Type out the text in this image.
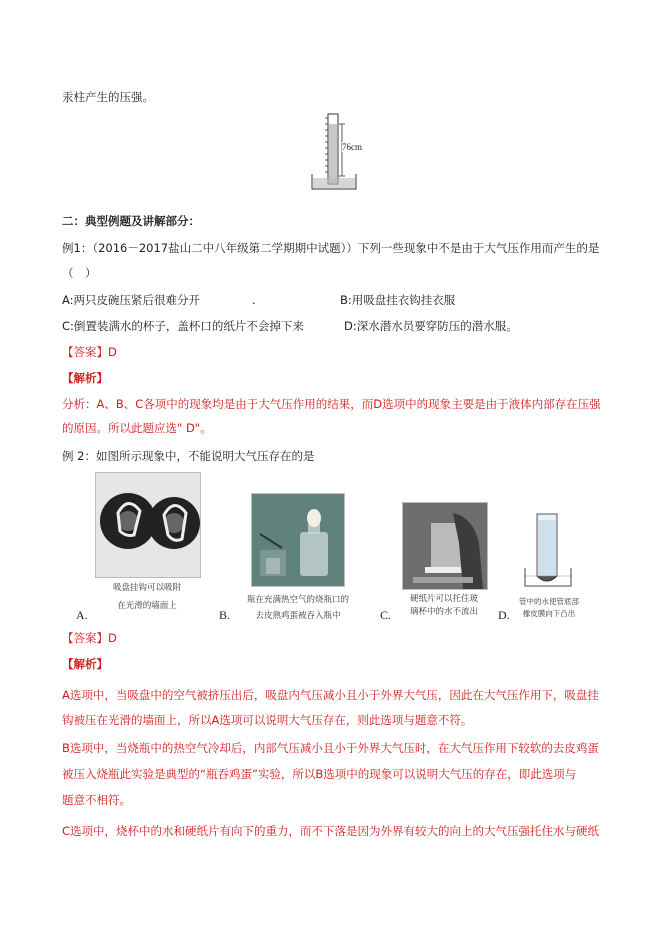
汞柱产生的压强。
76cm
二：典型例题及讲解部分：
例1：（2016－2017盐山二中八年级第二学期期中试题））下列一些现象中不是由于大气压作用而产生的是
（　）
A:两只皮碗压紧后很难分开	.	B:用吸盘挂衣钩挂衣服
C:倒置装满水的杯子，盖杯口的纸片不会掉下来	D:深水潜水员要穿防压的潜水服。
【答案】D
【解析】
分析：A、B、C各项中的现象均是由于大气压作用的结果，而D选项中的现象主要是由于液体内部存在压强
的原因。所以此题应选" D"。
例 2：如图所示现象中，不能说明大气压存在的是
吸盘挂钩可以吸附
在光滑的墙面上
A.
瓶在充满热空气的烧瓶口的
去皮熟鸡蛋被吞入瓶中
B.
硬纸片可以托住玻
璃杯中的水不流出
C.
管中的水使管底部
橡皮膜向下凸出
D.
【答案】D
【解析】
A选项中，当吸盘中的空气被挤压出后，吸盘内气压减小且小于外界大气压，因此在大气压作用下，吸盘挂
钩被压在光滑的墙面上，所以A选项可以说明大气压存在，则此选项与题意不符。
B选项中，当烧瓶中的热空气冷却后，内部气压减小且小于外界大气压时，在大气压作用下较软的去皮鸡蛋
被压入烧瓶此实验是典型的“瓶吞鸡蛋”实验，所以B选项中的现象可以说明大气压的存在，即此选项与
题意不相符。
C选项中，烧杯中的水和硬纸片有向下的重力，而不下落是因为外界有较大的向上的大气压强托住水与硬纸
